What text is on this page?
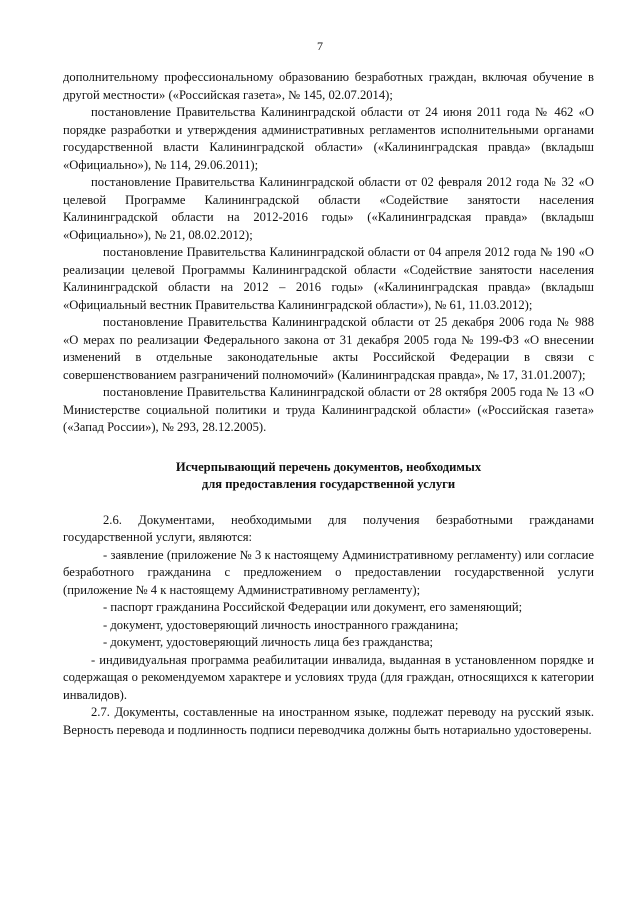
7

дополнительному профессиональному образованию безработных граждан, включая обучение в другой местности» («Российская газета», № 145, 02.07.2014);

постановление Правительства Калининградской области от 24 июня 2011 года № 462 «О порядке разработки и утверждения административных регламентов исполнительными органами государственной власти Калининградской области» («Калининградская правда» (вкладыш «Официально»), № 114, 29.06.2011);

постановление Правительства Калининградской области от 02 февраля 2012 года № 32 «О целевой Программе Калининградской области «Содействие занятости населения Калининградской области на 2012-2016 годы» («Калининградская правда» (вкладыш «Официально»), № 21, 08.02.2012);

постановление Правительства Калининградской области от 04 апреля 2012 года № 190 «О реализации целевой Программы Калининградской области «Содействие занятости населения Калининградской области на 2012 – 2016 годы» («Калининградская правда» (вкладыш «Официальный вестник Правительства Калининградской области»), № 61, 11.03.2012);

постановление Правительства Калининградской области от 25 декабря 2006 года № 988 «О мерах по реализации Федерального закона от 31 декабря 2005 года № 199-ФЗ «О внесении изменений в отдельные законодательные акты Российской Федерации в связи с совершенствованием разграничений полномочий» (Калининградская правда», № 17, 31.01.2007);

постановление Правительства Калининградской области от 28 октября 2005 года № 13 «О Министерстве социальной политики и труда Калининградской области» («Российская газета» («Запад России»), № 293, 28.12.2005).

Исчерпывающий перечень документов, необходимых
для предоставления государственной услуги

2.6. Документами, необходимыми для получения безработными гражданами государственной услуги, являются:

- заявление (приложение № 3 к настоящему Административному регламенту) или согласие безработного гражданина с предложением о предоставлении государственной услуги (приложение № 4 к настоящему Административному регламенту);

- паспорт гражданина Российской Федерации или документ, его заменяющий;

- документ, удостоверяющий личность иностранного гражданина;

- документ, удостоверяющий личность лица без гражданства;

- индивидуальная программа реабилитации инвалида, выданная в установленном порядке и содержащая о рекомендуемом характере и условиях труда (для граждан, относящихся к категории инвалидов).

2.7. Документы, составленные на иностранном языке, подлежат переводу на русский язык. Верность перевода и подлинность подписи переводчика должны быть нотариально удостоверены.
